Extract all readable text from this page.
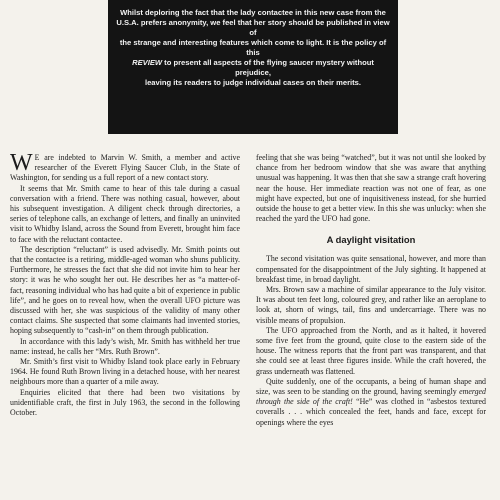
Whilst deploring the fact that the lady contactee in this new case from the
U.S.A. prefers anonymity, we feel that her story should be published in view of
the strange and interesting features which come to light. It is the policy of this
REVIEW to present all aspects of the flying saucer mystery without prejudice,
leaving its readers to judge individual cases on their merits.

W E are indebted to Marvin W. Smith, a member and active researcher of the Everett Flying Saucer Club, in the State of Washington, for sending us a full report of a new contact story.

It seems that Mr. Smith came to hear of this tale during a casual conversation with a friend. There was nothing casual, however, about his subsequent investigation. A diligent check through directories, a series of telephone calls, an exchange of letters, and finally an uninvited visit to Whidby Island, across the Sound from Everett, brought him face to face with the reluctant contactee.

The description “reluctant” is used advisedly. Mr. Smith points out that the contactee is a retiring, middle-aged woman who shuns publicity. Furthermore, he stresses the fact that she did not invite him to hear her story: it was he who sought her out. He describes her as “a matter-of-fact, reasoning individual who has had quite a bit of experience in public life”, and he goes on to reveal how, when the overall UFO picture was discussed with her, she was suspicious of the validity of many other contact claims. She suspected that some claimants had invented stories, hoping subsequently to “cash-in” on them through publication.

In accordance with this lady’s wish, Mr. Smith has withheld her true name: instead, he calls her “Mrs. Ruth Brown”.

Mr. Smith’s first visit to Whidby Island took place early in February 1964. He found Ruth Brown living in a detached house, with her nearest neighbours more than a quarter of a mile away.

Enquiries elicited that there had been two visitations by unidentifiable craft, the first in July 1963, the second in the following October.

feeling that she was being “watched”, but it was not until she looked by chance from her bedroom window that she was aware that anything unusual was happening. It was then that she saw a strange craft hovering near the house. Her immediate reaction was not one of fear, as one might have expected, but one of inquisitiveness instead, for she hurried outside the house to get a better view. In this she was unlucky: when she reached the yard the UFO had gone.

A daylight visitation

The second visitation was quite sensational, however, and more than compensated for the disappointment of the July sighting. It happened at breakfast time, in broad daylight.

Mrs. Brown saw a machine of similar appearance to the July visitor. It was about ten feet long, coloured grey, and rather like an aeroplane to look at, shorn of wings, tail, fins and undercarriage. There was no visible means of propulsion.

The UFO approached from the North, and as it halted, it hovered some five feet from the ground, quite close to the eastern side of the house. The witness reports that the front part was transparent, and that she could see at least three figures inside. While the craft hovered, the grass underneath was flattened.

Quite suddenly, one of the occupants, a being of human shape and size, was seen to be standing on the ground, having seemingly emerged through the side of the craft! “He” was clothed in “asbestos textured coveralls . . . which concealed the feet, hands and face, except for openings where the eyes
